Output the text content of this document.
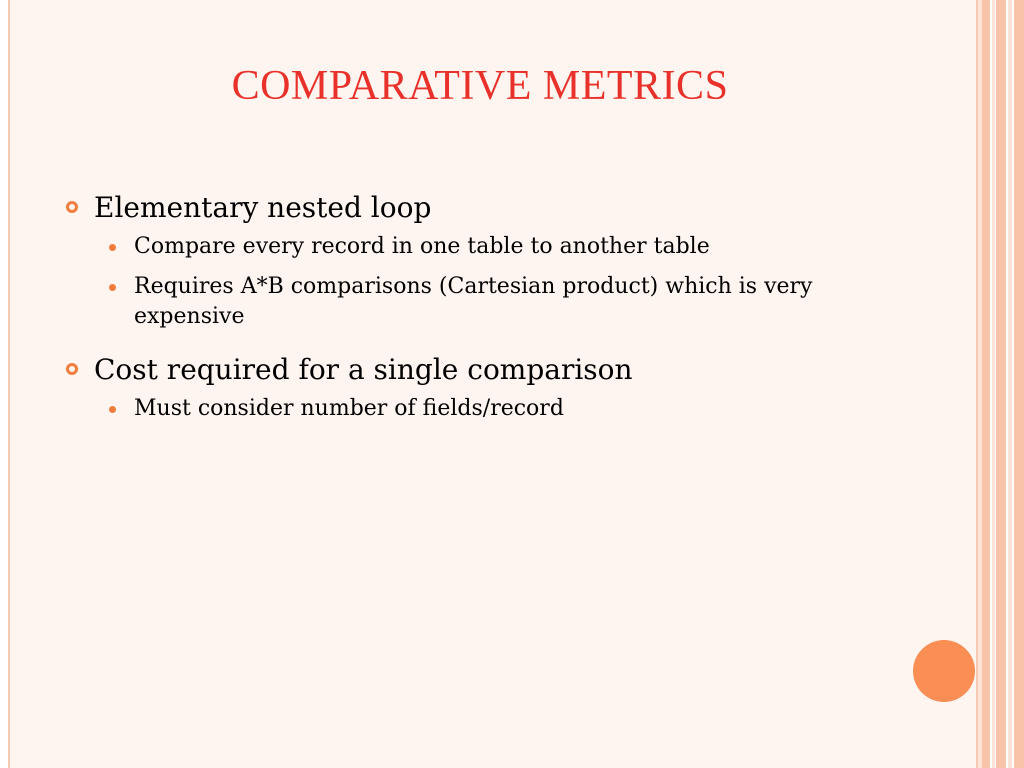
COMPARATIVE METRICS
Elementary nested loop
Compare every record in one table to another table
Requires A*B comparisons (Cartesian product) which is very expensive
Cost required for a single comparison
Must consider number of fields/record
